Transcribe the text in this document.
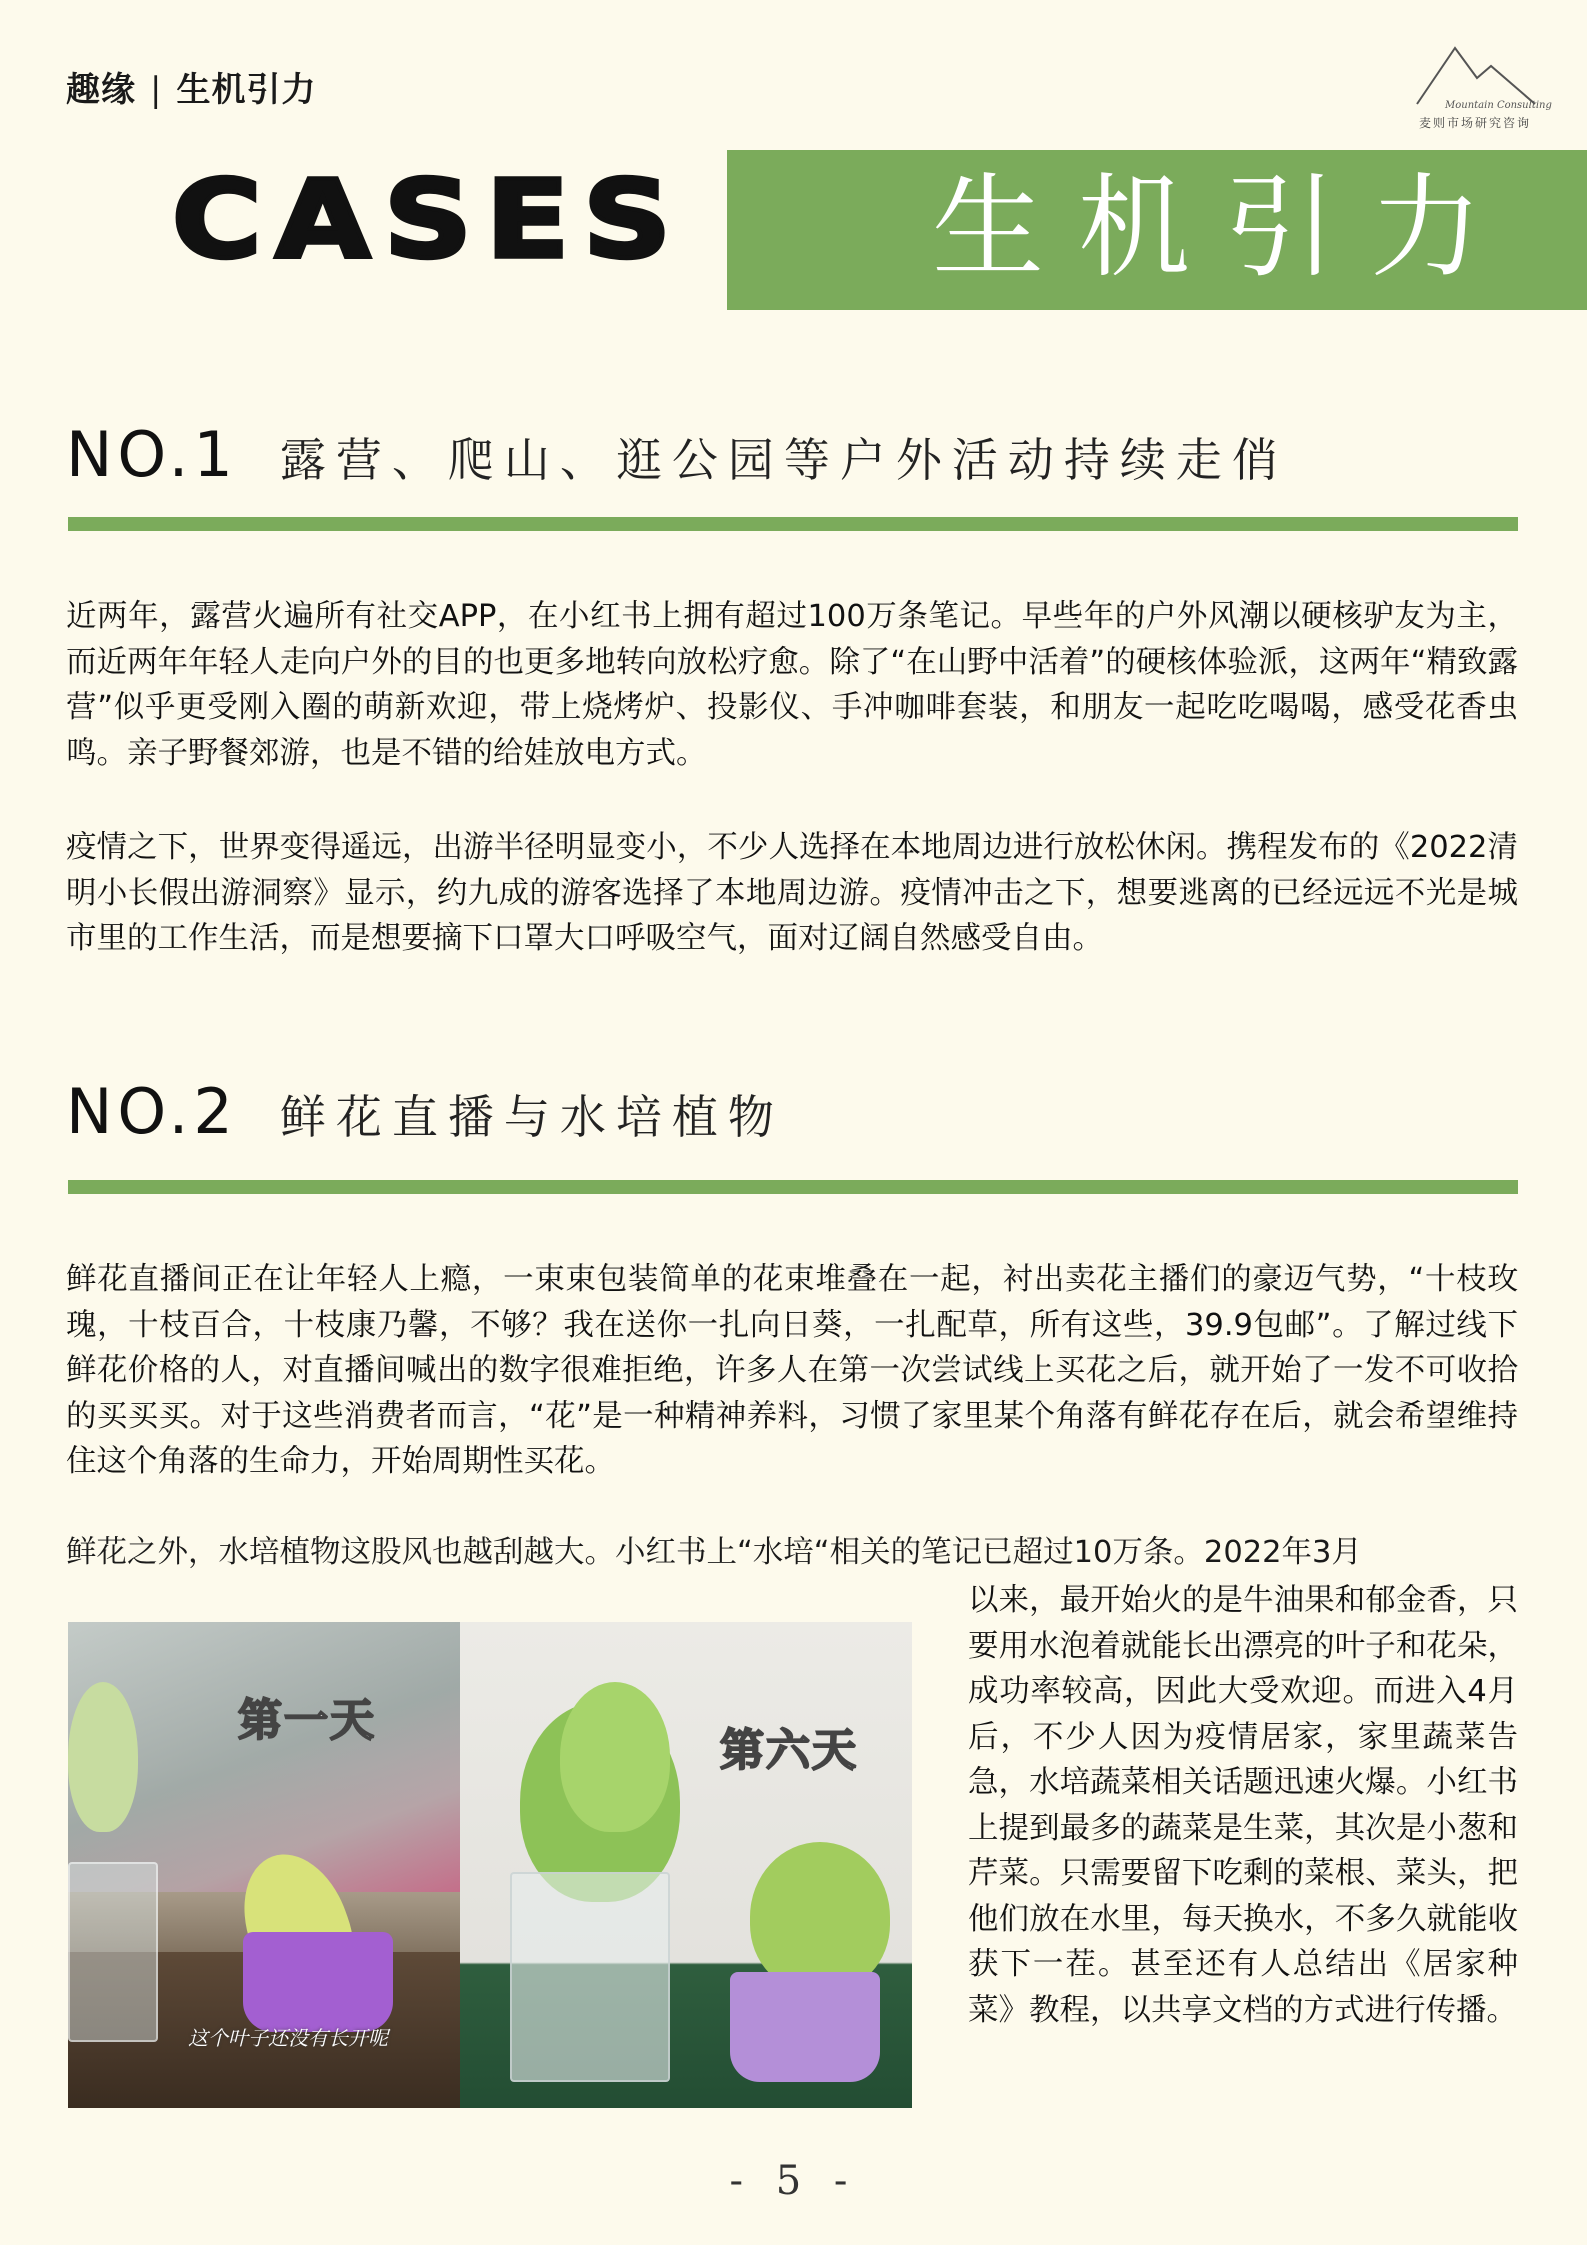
趣缘 | 生机引力	Mountain Consulting
麦则市场研究咨询
CASES 生机引力
NO.1 露营、爬山、逛公园等户外活动持续走俏

近两年，露营火遍所有社交APP，在小红书上拥有超过100万条笔记。早些年的户外风潮以硬核驴友为主，而近两年年轻人走向户外的目的也更多地转向放松疗愈。除了“在山野中活着”的硬核体验派，这两年“精致露营”似乎更受刚入圈的萌新欢迎，带上烧烤炉、投影仪、手冲咖啡套装，和朋友一起吃吃喝喝，感受花香虫鸣。亲子野餐郊游，也是不错的给娃放电方式。

疫情之下，世界变得遥远，出游半径明显变小，不少人选择在本地周边进行放松休闲。携程发布的《2022清明小长假出游洞察》显示，约九成的游客选择了本地周边游。疫情冲击之下，想要逃离的已经远远不光是城市里的工作生活，而是想要摘下口罩大口呼吸空气，面对辽阔自然感受自由。

NO.2 鲜花直播与水培植物

鲜花直播间正在让年轻人上瘾，一束束包装简单的花束堆叠在一起，衬出卖花主播们的豪迈气势，“十枝玫瑰，十枝百合，十枝康乃馨，不够？我在送你一扎向日葵，一扎配草，所有这些，39.9包邮”。了解过线下鲜花价格的人，对直播间喊出的数字很难拒绝，许多人在第一次尝试线上买花之后，就开始了一发不可收拾的买买买。对于这些消费者而言，“花”是一种精神养料，习惯了家里某个角落有鲜花存在后，就会希望维持住这个角落的生命力，开始周期性买花。

鲜花之外，水培植物这股风也越刮越大。小红书上“水培“相关的笔记已超过10万条。2022年3月

以来，最开始火的是牛油果和郁金香，只要用水泡着就能长出漂亮的叶子和花朵，成功率较高，因此大受欢迎。而进入4月后，不少人因为疫情居家，家里蔬菜告急，水培蔬菜相关话题迅速火爆。小红书上提到最多的蔬菜是生菜，其次是小葱和芹菜。只需要留下吃剩的菜根、菜头，把他们放在水里，每天换水，不多久就能收获下一茬。甚至还有人总结出《居家种菜》教程，以共享文档的方式进行传播。

第一天
这个叶子还没有长开呢
第六天
- 5 -
